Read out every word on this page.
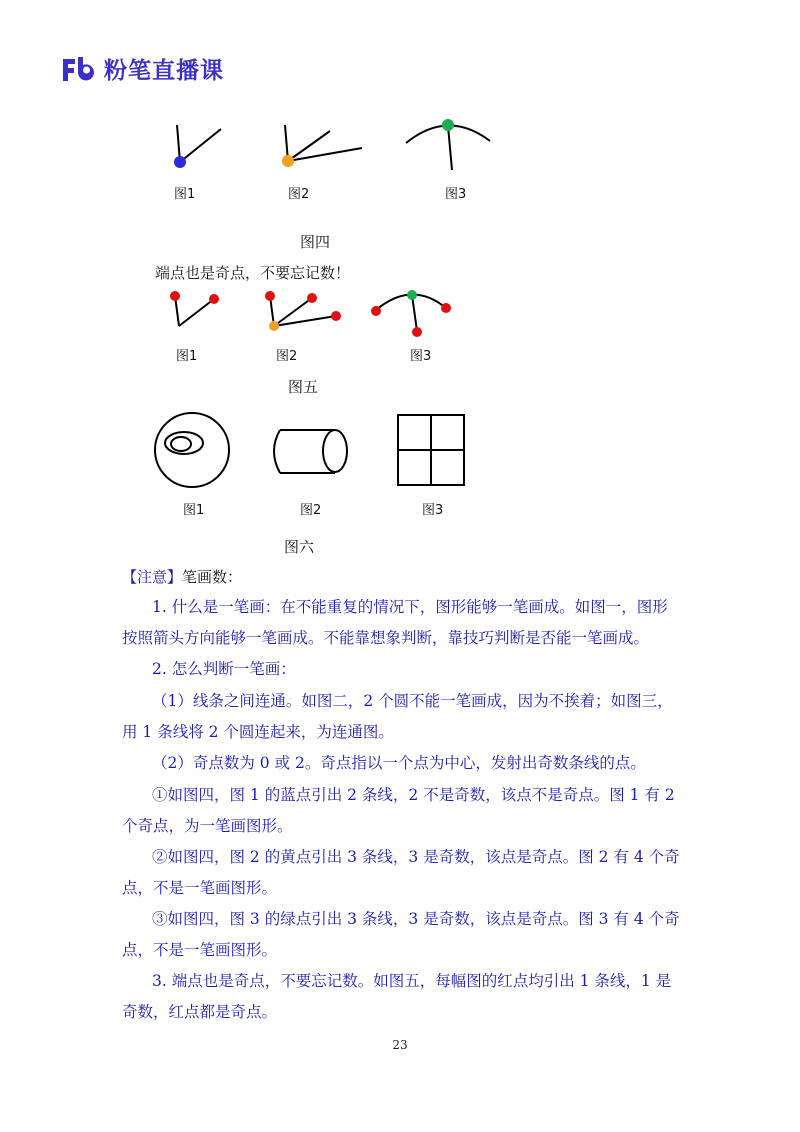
粉笔直播课
图1	图2	图3
图四
端点也是奇点，不要忘记数！
图1	图2	图3
图五
图1	图2	图3
图六
【注意】笔画数：
1. 什么是一笔画：在不能重复的情况下，图形能够一笔画成。如图一，图形按照箭头方向能够一笔画成。不能靠想象判断，靠技巧判断是否能一笔画成。
2. 怎么判断一笔画：
（1）线条之间连通。如图二，2 个圆不能一笔画成，因为不挨着；如图三，用 1 条线将 2 个圆连起来，为连通图。
（2）奇点数为 0 或 2。奇点指以一个点为中心，发射出奇数条线的点。
①如图四，图 1 的蓝点引出 2 条线，2 不是奇数，该点不是奇点。图 1 有 2 个奇点，为一笔画图形。
②如图四，图 2 的黄点引出 3 条线，3 是奇数，该点是奇点。图 2 有 4 个奇点，不是一笔画图形。
③如图四，图 3 的绿点引出 3 条线，3 是奇数，该点是奇点。图 3 有 4 个奇点，不是一笔画图形。
3. 端点也是奇点，不要忘记数。如图五，每幅图的红点均引出 1 条线，1 是奇数，红点都是奇点。
23
